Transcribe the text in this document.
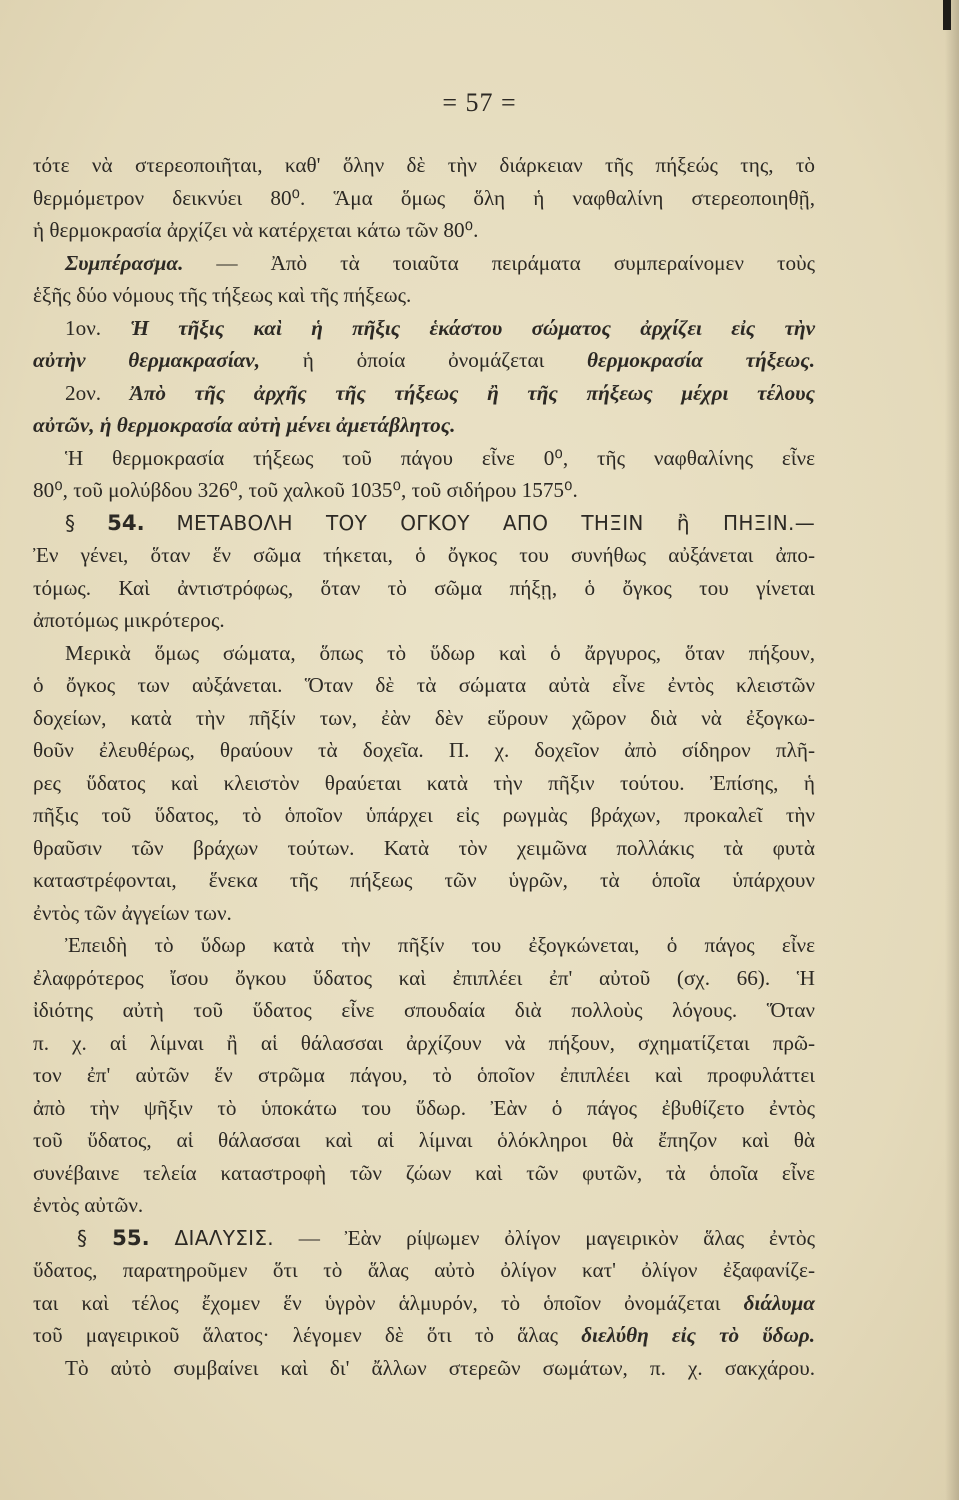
= 57 =
τότε νὰ στερεοποιῆται, καθ' ὅλην δὲ τὴν διάρκειαν τῆς πήξεώς της, τὸ
θερμόμετρον δεικνύει 80⁰. Ἅμα ὅμως ὅλη ἡ ναφθαλίνη στερεοποιηθῇ,
ἡ θερμοκρασία ἀρχίζει νὰ κατέρχεται κάτω τῶν 80⁰.
Συμπέρασμα. — Ἀπὸ τὰ τοιαῦτα πειράματα συμπεραίνομεν τοὺς
ἑξῆς δύο νόμους τῆς τήξεως καὶ τῆς πήξεως.
1ον. Ἡ τῆξις καὶ ἡ πῆξις ἑκάστου σώματος ἀρχίζει εἰς τὴν
αὐτὴν θερμακρασίαν, ἡ ὁποία ὀνομάζεται θερμοκρασία τήξεως.
2ον. Ἀπὸ τῆς ἀρχῆς τῆς τήξεως ἢ τῆς πήξεως μέχρι τέλους
αὐτῶν, ἡ θερμοκρασία αὐτὴ μένει ἀμετάβλητος.
Ἡ θερμοκρασία τήξεως τοῦ πάγου εἶνε 0⁰, τῆς ναφθαλίνης εἶνε
80⁰, τοῦ μολύβδου 326⁰, τοῦ χαλκοῦ 1035⁰, τοῦ σιδήρου 1575⁰.
§ 54. ΜΕΤΑΒΟΛΗ ΤΟΥ ΟΓΚΟΥ ΑΠΟ ΤΗΞΙΝ ἢ ΠΗΞΙΝ.—
Ἐν γένει, ὅταν ἕν σῶμα τήκεται, ὁ ὄγκος του συνήθως αὐξάνεται ἀπο-
τόμως. Καὶ ἀντιστρόφως, ὅταν τὸ σῶμα πήξῃ, ὁ ὄγκος του γίνεται
ἀποτόμως μικρότερος.
Μερικὰ ὅμως σώματα, ὅπως τὸ ὕδωρ καὶ ὁ ἄργυρος, ὅταν πήξουν,
ὁ ὄγκος των αὐξάνεται. Ὅταν δὲ τὰ σώματα αὐτὰ εἶνε ἐντὸς κλειστῶν
δοχείων, κατὰ τὴν πῆξίν των, ἐὰν δὲν εὕρουν χῶρον διὰ νὰ ἐξογκω-
θοῦν ἐλευθέρως, θραύουν τὰ δοχεῖα. Π. χ. δοχεῖον ἀπὸ σίδηρον πλῆ-
ρες ὕδατος καὶ κλειστὸν θραύεται κατὰ τὴν πῆξιν τούτου. Ἐπίσης, ἡ
πῆξις τοῦ ὕδατος, τὸ ὁποῖον ὑπάρχει εἰς ρωγμὰς βράχων, προκαλεῖ τὴν
θραῦσιν τῶν βράχων τούτων. Κατὰ τὸν χειμῶνα πολλάκις τὰ φυτὰ
καταστρέφονται, ἕνεκα τῆς πήξεως τῶν ὑγρῶν, τὰ ὁποῖα ὑπάρχουν
ἐντὸς τῶν ἀγγείων των.
Ἐπειδὴ τὸ ὕδωρ κατὰ τὴν πῆξίν του ἐξογκώνεται, ὁ πάγος εἶνε
ἐλαφρότερος ἴσου ὄγκου ὕδατος καὶ ἐπιπλέει ἐπ' αὐτοῦ (σχ. 66). Ἡ
ἰδιότης αὐτὴ τοῦ ὕδατος εἶνε σπουδαία διὰ πολλοὺς λόγους. Ὅταν
π. χ. αἱ λίμναι ἢ αἱ θάλασσαι ἀρχίζουν νὰ πήξουν, σχηματίζεται πρῶ-
τον ἐπ' αὐτῶν ἕν στρῶμα πάγου, τὸ ὁποῖον ἐπιπλέει καὶ προφυλάττει
ἀπὸ τὴν ψῆξιν τὸ ὑποκάτω του ὕδωρ. Ἐὰν ὁ πάγος ἐβυθίζετο ἐντὸς
τοῦ ὕδατος, αἱ θάλασσαι καὶ αἱ λίμναι ὁλόκληροι θὰ ἔπηζον καὶ θὰ
συνέβαινε τελεία καταστροφὴ τῶν ζώων καὶ τῶν φυτῶν, τὰ ὁποῖα εἶνε
ἐντὸς αὐτῶν.
§ 55. ΔΙΑΛΥΣΙΣ. — Ἐὰν ρίψωμεν ὀλίγον μαγειρικὸν ἅλας ἐντὸς
ὕδατος, παρατηροῦμεν ὅτι τὸ ἅλας αὐτὸ ὀλίγον κατ' ὀλίγον ἐξαφανίζε-
ται καὶ τέλος ἔχομεν ἕν ὑγρὸν ἁλμυρόν, τὸ ὁποῖον ὀνομάζεται διάλυμα
τοῦ μαγειρικοῦ ἅλατος· λέγομεν δὲ ὅτι τὸ ἅλας διελύθη εἰς τὸ ὕδωρ.
Τὸ αὐτὸ συμβαίνει καὶ δι' ἄλλων στερεῶν σωμάτων, π. χ. σακχάρου.
